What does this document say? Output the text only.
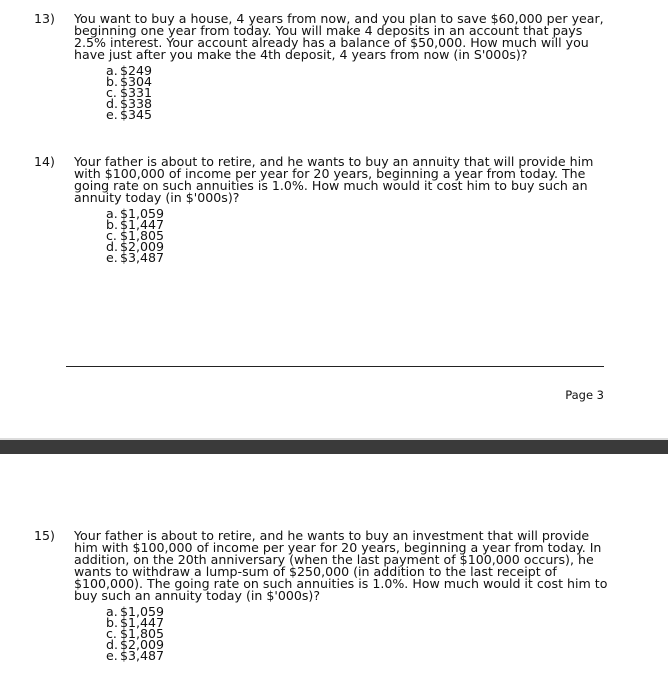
13) You want to buy a house, 4 years from now, and you plan to save $60,000 per year, beginning one year from today. You will make 4 deposits in an account that pays 2.5% interest. Your account already has a balance of $50,000. How much will you have just after you make the 4th deposit, 4 years from now (in S'000s)?

a. $249
b. $304
c. $331
d. $338
e. $345
14) Your father is about to retire, and he wants to buy an annuity that will provide him with $100,000 of income per year for 20 years, beginning a year from today. The going rate on such annuities is 1.0%. How much would it cost him to buy such an annuity today (in $'000s)?

a. $1,059
b. $1,447
c. $1,805
d. $2,009
e. $3,487
Page 3
15) Your father is about to retire, and he wants to buy an investment that will provide him with $100,000 of income per year for 20 years, beginning a year from today. In addition, on the 20th anniversary (when the last payment of $100,000 occurs), he wants to withdraw a lump-sum of $250,000 (in addition to the last receipt of $100,000). The going rate on such annuities is 1.0%. How much would it cost him to buy such an annuity today (in $'000s)?

a. $1,059
b. $1,447
c. $1,805
d. $2,009
e. $3,487
